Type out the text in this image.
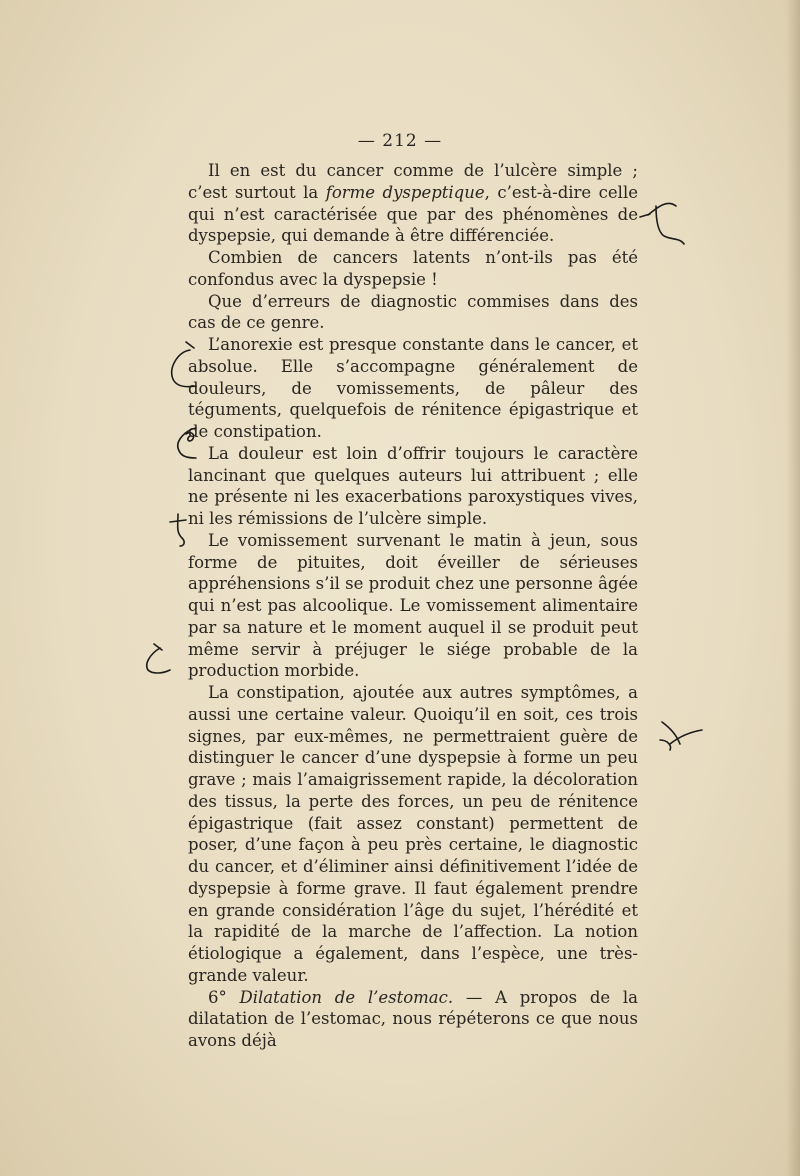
— 212 —

Il en est du cancer comme de l’ulcère simple ; c’est surtout la forme dyspeptique, c’est-à-dire celle qui n’est caractérisée que par des phénomènes de dyspepsie, qui demande à être différenciée.

Combien de cancers latents n’ont-ils pas été confondus avec la dyspepsie !

Que d’erreurs de diagnostic commises dans des cas de ce genre.

L’anorexie est presque constante dans le cancer, et absolue. Elle s’accompagne généralement de douleurs, de vomissements, de pâleur des téguments, quelquefois de rénitence épigastrique et de constipation.

La douleur est loin d’offrir toujours le caractère lancinant que quelques auteurs lui attribuent ; elle ne présente ni les exacerbations paroxystiques vives, ni les rémissions de l’ulcère simple.

Le vomissement survenant le matin à jeun, sous forme de pituites, doit éveiller de sérieuses appréhensions s’il se produit chez une personne âgée qui n’est pas alcoolique. Le vomissement alimentaire par sa nature et le moment auquel il se produit peut même servir à préjuger le siége probable de la production morbide.

La constipation, ajoutée aux autres symptômes, a aussi une certaine valeur. Quoiqu’il en soit, ces trois signes, par eux-mêmes, ne permettraient guère de distinguer le cancer d’une dyspepsie à forme un peu grave ; mais l’amaigrissement rapide, la décoloration des tissus, la perte des forces, un peu de rénitence épigastrique (fait assez constant) permettent de poser, d’une façon à peu près certaine, le diagnostic du cancer, et d’éliminer ainsi définitivement l’idée de dyspepsie à forme grave. Il faut également prendre en grande considération l’âge du sujet, l’hérédité et la rapidité de la marche de l’affection. La notion étiologique a également, dans l’espèce, une très-grande valeur.

6° Dilatation de l’estomac. — A propos de la dilatation de l’estomac, nous répéterons ce que nous avons déjà
